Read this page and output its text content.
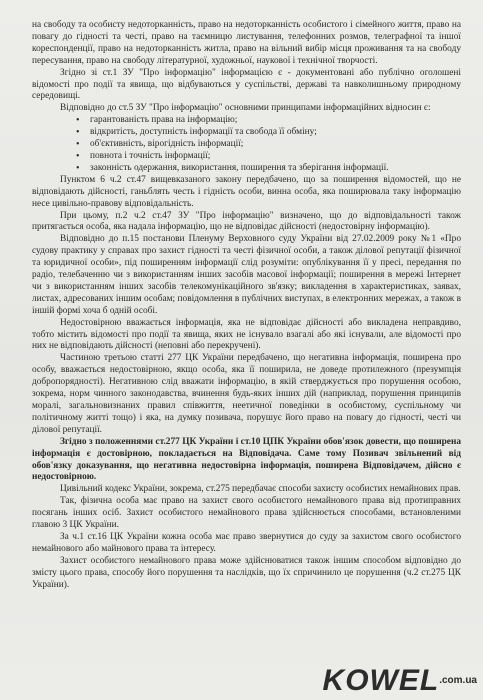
на свободу та особисту недоторканність, право на недоторканність особистого і сімейного життя, право на повагу до гідності та честі, право на таємницю листування, телефонних розмов, телеграфної та іншої кореспонденції, право на недоторканність житла, право на вільний вибір місця проживання та на свободу пересування, право на свободу літературної, художньої, наукової і технічної творчості.

Згідно зі ст.1 ЗУ "Про інформацію" інформацією є - документовані або публічно оголошені відомості про події та явища, що відбуваються у суспільстві, державі та навколишньому природному середовищі.

Відповідно до ст.5 ЗУ "Про інформацію" основними принципами інформаційних відносин є:

• гарантованість права на інформацію;
• відкритість, доступність інформації та свобода її обміну;
• об'єктивність, вірогідність інформації;
• повнота і точність інформації;
• законність одержання, використання, поширення та зберігання інформації.

Пунктом 6 ч.2 ст.47 вищевказаного закону передбачено, що за поширення відомостей, що не відповідають дійсності, ганьблять честь і гідність особи, винна особа, яка поширювала таку інформацію несе цивільно-правову відповідальність.

При цьому, п.2 ч.2 ст.47 ЗУ "Про інформацію" визначено, що до відповідальності також притягається особа, яка надала інформацію, що не відповідає дійсності (недостовірну інформацію).

Відповідно до п.15 постанови Пленуму Верховного суду України від 27.02.2009 року №1 «Про судову практику у справах про захист гідності та честі фізичної особи, а також ділової репутації фізичної та юридичної особи», під поширенням інформації слід розуміти: опублікування її у пресі, передання по радіо, телебаченню чи з використанням інших засобів масової інформації; поширення в мережі Інтернет чи з використанням інших засобів телекомунікаційного зв'язку; викладення в характеристиках, заявах, листах, адресованих іншим особам; повідомлення в публічних виступах, в електронних мережах, а також в іншій формі хоча б одній особі.

Недостовірною вважається інформація, яка не відповідає дійсності або викладена неправдиво, тобто містить відомості про події та явища, яких не існувало взагалі або які існували, але відомості про них не відповідають дійсності (неповні або перекручені).

Частиною третьою статті 277 ЦК України передбачено, що негативна інформація, поширена про особу, вважається недостовірною, якщо особа, яка її поширила, не доведе протилежного (презумпція добропорядності). Негативною слід вважати інформацію, в якій стверджується про порушення особою, зокрема, норм чинного законодавства, вчинення будь-яких інших дій (наприклад, порушення принципів моралі, загальновизнаних правил співжиття, неетичної поведінки в особистому, суспільному чи політичному житті тощо) і яка, на думку позивача, порушує його право на повагу до гідності, честі чи ділової репутації.

Згідно з положеннями ст.277 ЦК України і ст.10 ЦПК України обов'язок довести, що поширена інформація є достовірною, покладається на Відповідача. Саме тому Позивач звільнений від обов'язку доказування, що негативна недостовірна інформація, поширена Відповідачем, дійсно є недостовірною.

Цивільний кодекс України, зокрема, ст.275 передбачає способи захисту особистих немайнових прав.

Так, фізична особа має право на захист свого особистого немайнового права від протиправних посягань інших осіб. Захист особистого немайнового права здійснюється способами, встановленими главою 3 ЦК України.

За ч.1 ст.16 ЦК України кожна особа має право звернутися до суду за захистом свого особистого немайнового або майнового права та інтересу.

Захист особистого немайнового права може здійснюватися також іншим способом відповідно до змісту цього права, способу його порушення та наслідків, що їх спричинило це порушення (ч.2 ст.275 ЦК України).

KOWEL.com.ua
